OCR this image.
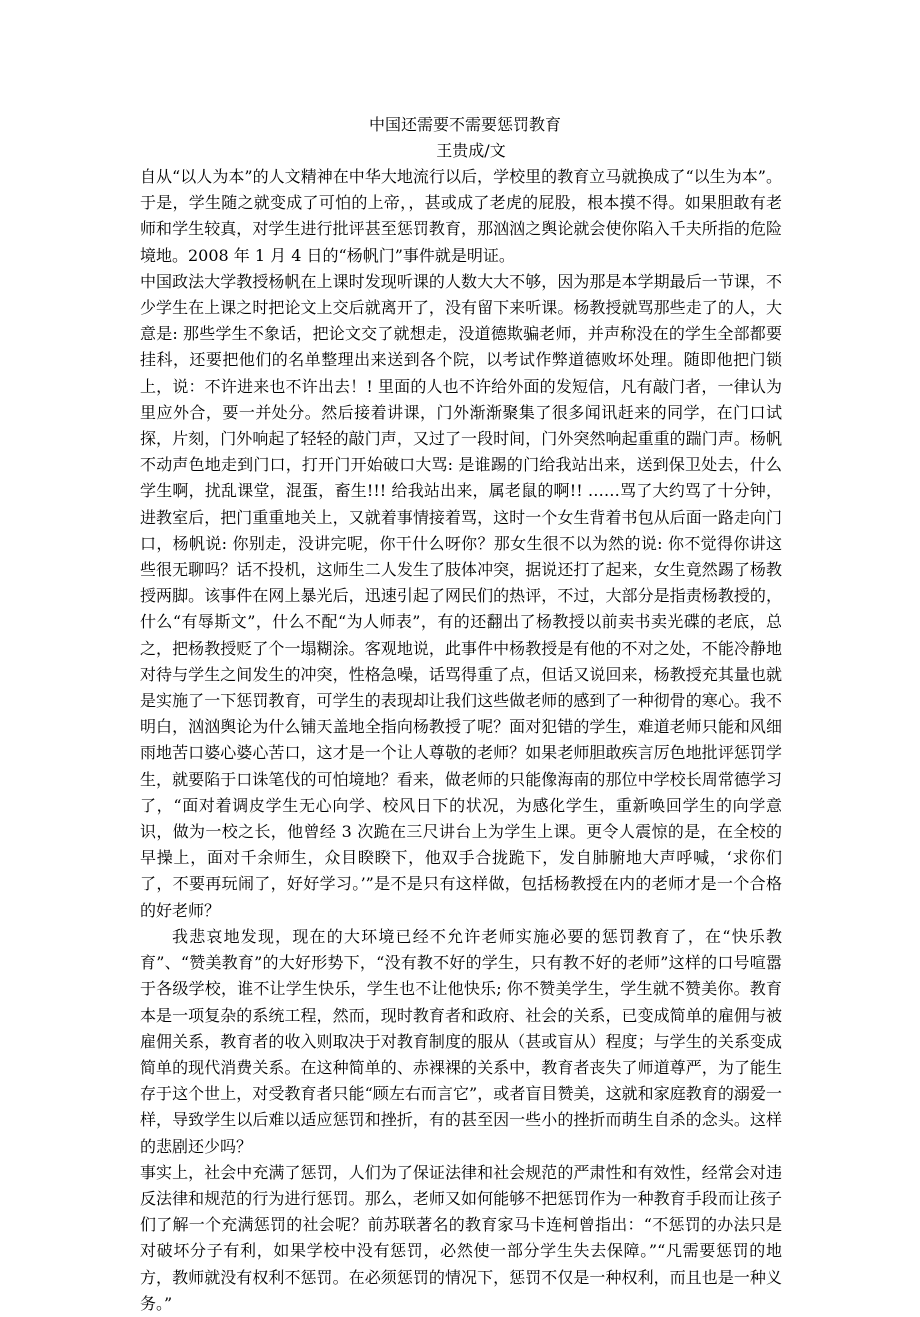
中国还需要不需要惩罚教育
王贵成/文

自从“以人为本”的人文精神在中华大地流行以后，学校里的教育立马就换成了“以生为本”。于是，学生随之就变成了可怕的上帝，，甚或成了老虎的屁股，根本摸不得。如果胆敢有老师和学生较真，对学生进行批评甚至惩罚教育，那汹汹之舆论就会使你陷入千夫所指的危险境地。2008 年 1 月 4 日的“杨帆门”事件就是明证。

中国政法大学教授杨帆在上课时发现听课的人数大大不够，因为那是本学期最后一节课，不少学生在上课之时把论文上交后就离开了，没有留下来听课。杨教授就骂那些走了的人，大意是: 那些学生不象话，把论文交了就想走，没道德欺骗老师，并声称没在的学生全部都要挂科，还要把他们的名单整理出来送到各个院，以考试作弊道德败坏处理。随即他把门锁上，说：不许进来也不许出去！! 里面的人也不许给外面的发短信，凡有敲门者，一律认为里应外合，要一并处分。然后接着讲课，门外渐渐聚集了很多闻讯赶来的同学，在门口试探，片刻，门外响起了轻轻的敲门声，又过了一段时间，门外突然响起重重的踹门声。杨帆不动声色地走到门口，打开门开始破口大骂: 是谁踢的门给我站出来，送到保卫处去，什么学生啊，扰乱课堂，混蛋，畜生!!! 给我站出来，属老鼠的啊!! ……骂了大约骂了十分钟，进教室后，把门重重地关上，又就着事情接着骂，这时一个女生背着书包从后面一路走向门口，杨帆说: 你别走，没讲完呢，你干什么呀你？那女生很不以为然的说: 你不觉得你讲这些很无聊吗？话不投机，这师生二人发生了肢体冲突，据说还打了起来，女生竟然踢了杨教授两脚。该事件在网上暴光后，迅速引起了网民们的热评，不过，大部分是指责杨教授的，什么“有辱斯文”，什么不配“为人师表”，有的还翻出了杨教授以前卖书卖光碟的老底，总之，把杨教授贬了个一塌糊涂。客观地说，此事件中杨教授是有他的不对之处，不能冷静地对待与学生之间发生的冲突，性格急噪，话骂得重了点，但话又说回来，杨教授充其量也就是实施了一下惩罚教育，可学生的表现却让我们这些做老师的感到了一种彻骨的寒心。我不明白，汹汹舆论为什么铺天盖地全指向杨教授了呢？面对犯错的学生，难道老师只能和风细雨地苦口婆心婆心苦口，这才是一个让人尊敬的老师？如果老师胆敢疾言厉色地批评惩罚学生，就要陷于口诛笔伐的可怕境地？看来，做老师的只能像海南的那位中学校长周常德学习了，“面对着调皮学生无心向学、校风日下的状况，为感化学生，重新唤回学生的向学意识，做为一校之长，他曾经 3 次跪在三尺讲台上为学生上课。更令人震惊的是，在全校的早操上，面对千余师生，众目睽睽下，他双手合拢跪下，发自肺腑地大声呼喊，‘求你们了，不要再玩闹了，好好学习。’”是不是只有这样做，包括杨教授在内的老师才是一个合格的好老师？

我悲哀地发现，现在的大环境已经不允许老师实施必要的惩罚教育了，在“快乐教育”、“赞美教育”的大好形势下，“没有教不好的学生，只有教不好的老师”这样的口号喧嚣于各级学校，谁不让学生快乐，学生也不让他快乐; 你不赞美学生，学生就不赞美你。教育本是一项复杂的系统工程，然而，现时教育者和政府、社会的关系，已变成简单的雇佣与被雇佣关系，教育者的收入则取决于对教育制度的服从（甚或盲从）程度；与学生的关系变成简单的现代消费关系。在这种简单的、赤裸裸的关系中，教育者丧失了师道尊严，为了能生存于这个世上，对受教育者只能“顾左右而言它”，或者盲目赞美，这就和家庭教育的溺爱一样，导致学生以后难以适应惩罚和挫折，有的甚至因一些小的挫折而萌生自杀的念头。这样的悲剧还少吗？

事实上，社会中充满了惩罚，人们为了保证法律和社会规范的严肃性和有效性，经常会对违反法律和规范的行为进行惩罚。那么，老师又如何能够不把惩罚作为一种教育手段而让孩子们了解一个充满惩罚的社会呢？前苏联著名的教育家马卡连柯曾指出：“不惩罚的办法只是对破坏分子有利，如果学校中没有惩罚，必然使一部分学生失去保障。”“凡需要惩罚的地方，教师就没有权利不惩罚。在必须惩罚的情况下，惩罚不仅是一种权利，而且也是一种义务。”
